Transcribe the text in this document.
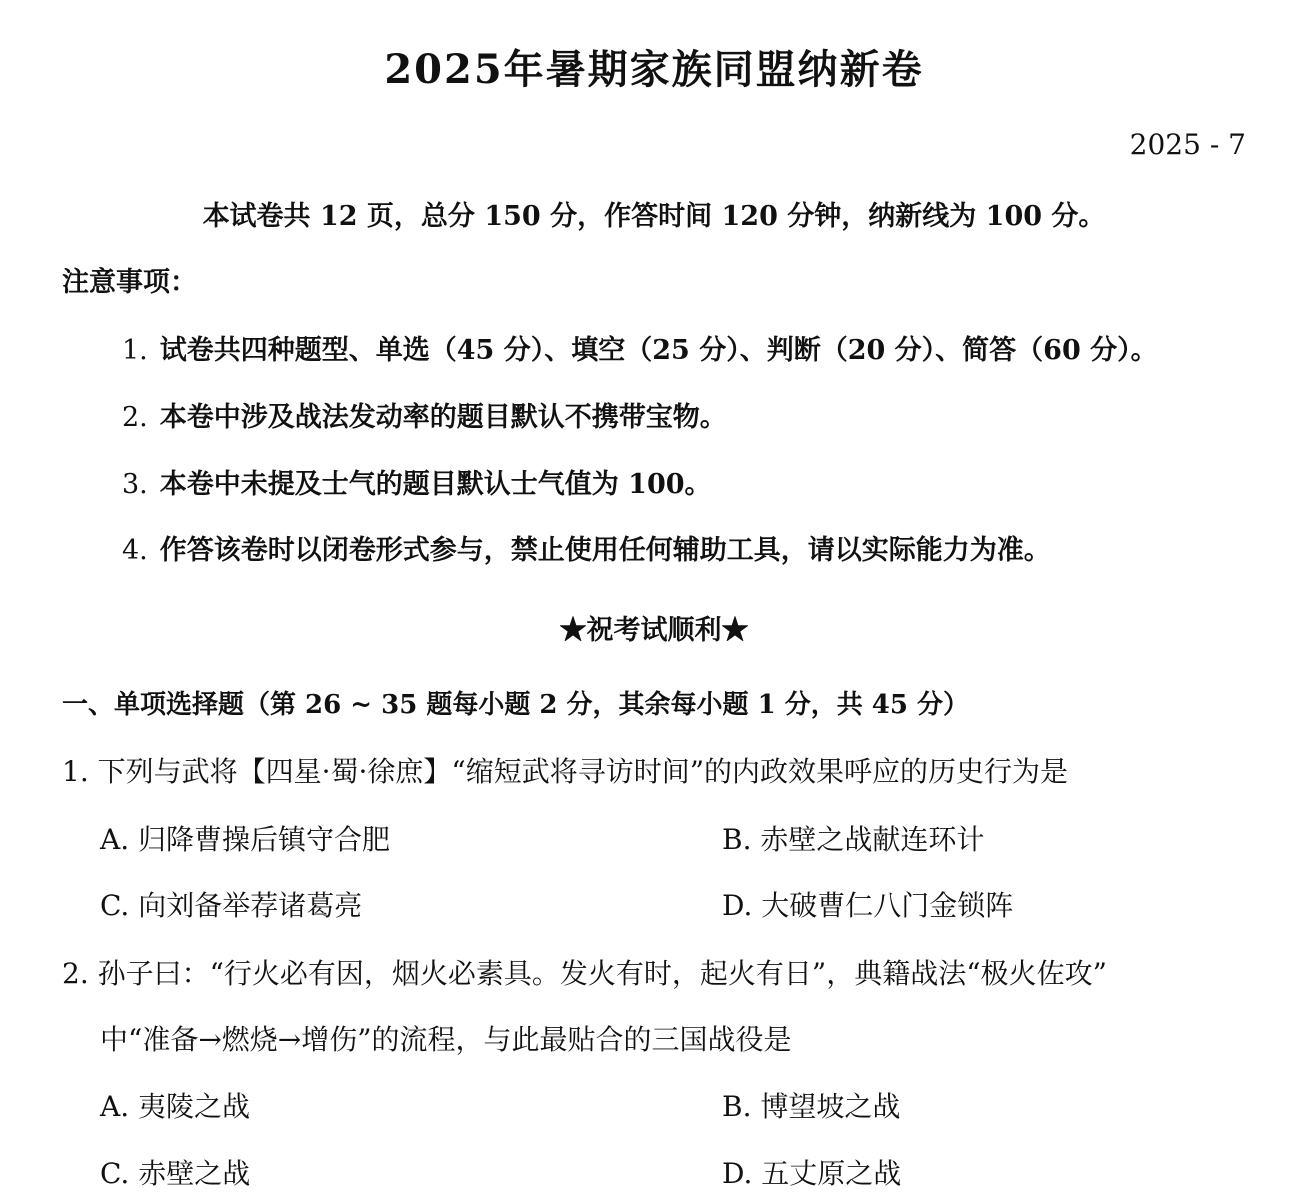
2025年暑期家族同盟纳新卷
2025 - 7
本试卷共 12 页，总分 150 分，作答时间 120 分钟，纳新线为 100 分。
注意事项：
1. 试卷共四种题型、单选（45 分）、填空（25 分）、判断（20 分）、简答（60 分）。
2. 本卷中涉及战法发动率的题目默认不携带宝物。
3. 本卷中未提及士气的题目默认士气值为 100。
4. 作答该卷时以闭卷形式参与，禁止使用任何辅助工具，请以实际能力为准。
★祝考试顺利★
一、单项选择题（第 26 ~ 35 题每小题 2 分，其余每小题 1 分，共 45 分）
1. 下列与武将【四星·蜀·徐庶】“缩短武将寻访时间”的内政效果呼应的历史行为是
A. 归降曹操后镇守合肥	B. 赤壁之战献连环计
C. 向刘备举荐诸葛亮	D. 大破曹仁八门金锁阵
2. 孙子曰：“行火必有因，烟火必素具。发火有时，起火有日”，典籍战法“极火佐攻”
中“准备→燃烧→增伤”的流程，与此最贴合的三国战役是
A. 夷陵之战	B. 博望坡之战
C. 赤壁之战	D. 五丈原之战
